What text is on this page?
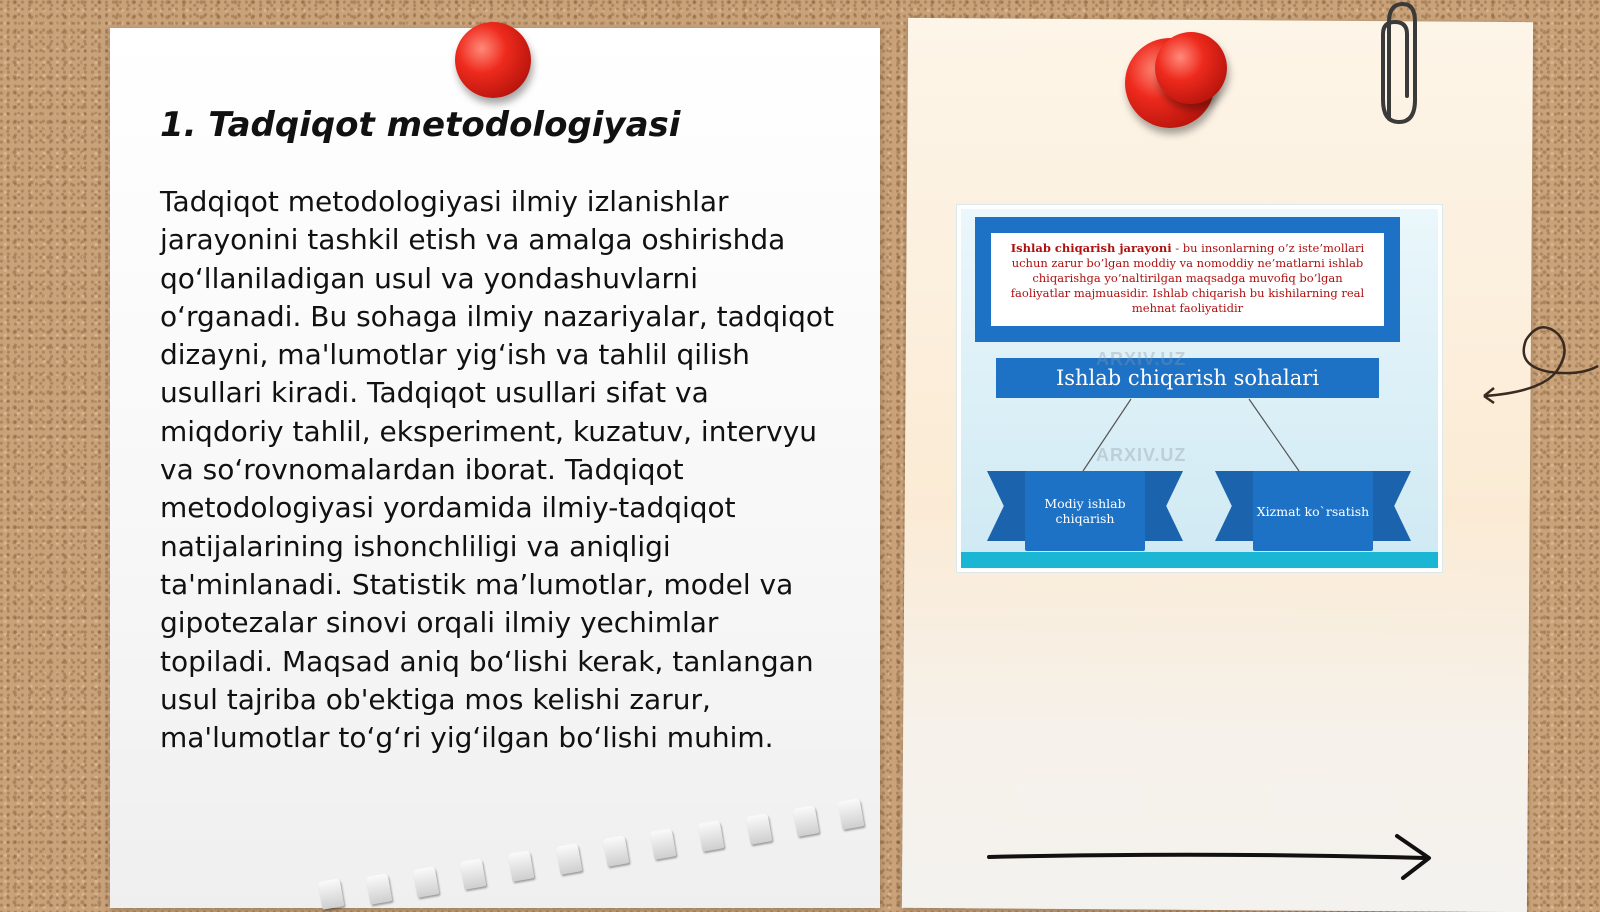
1. Tadqiqot metodologiyasi

Tadqiqot metodologiyasi ilmiy izlanishlar jarayonini tashkil etish va amalga oshirishda qo‘llaniladigan usul va yondashuvlarni o‘rganadi. Bu sohaga ilmiy nazariyalar, tadqiqot dizayni, ma'lumotlar yig‘ish va tahlil qilish usullari kiradi. Tadqiqot usullari sifat va miqdoriy tahlil, eksperiment, kuzatuv, intervyu va so‘rovnomalardan iborat. Tadqiqot metodologiyasi yordamida ilmiy-tadqiqot natijalarining ishonchliligi va aniqligi ta'minlanadi. Statistik ma’lumotlar, model va gipotezalar sinovi orqali ilmiy yechimlar topiladi. Maqsad aniq bo‘lishi kerak, tanlangan usul tajriba ob'ektiga mos kelishi zarur, ma'lumotlar to‘g‘ri yig‘ilgan bo‘lishi muhim.

Ishlab chiqarish jarayoni - bu insonlarning o’z iste’mollari uchun zarur bo’lgan moddiy va nomoddiy ne’matlarni ishlab chiqarishga yo’naltirilgan maqsadga muvofiq bo’lgan faoliyatlar majmuasidir. Ishlab chiqarish bu kishilarning real mehnat faoliyatidir
Ishlab chiqarish sohalari
Modiy ishlab chiqarish	Xizmat ko`rsatish
ARXIV.UZ
ARXIV.UZ
